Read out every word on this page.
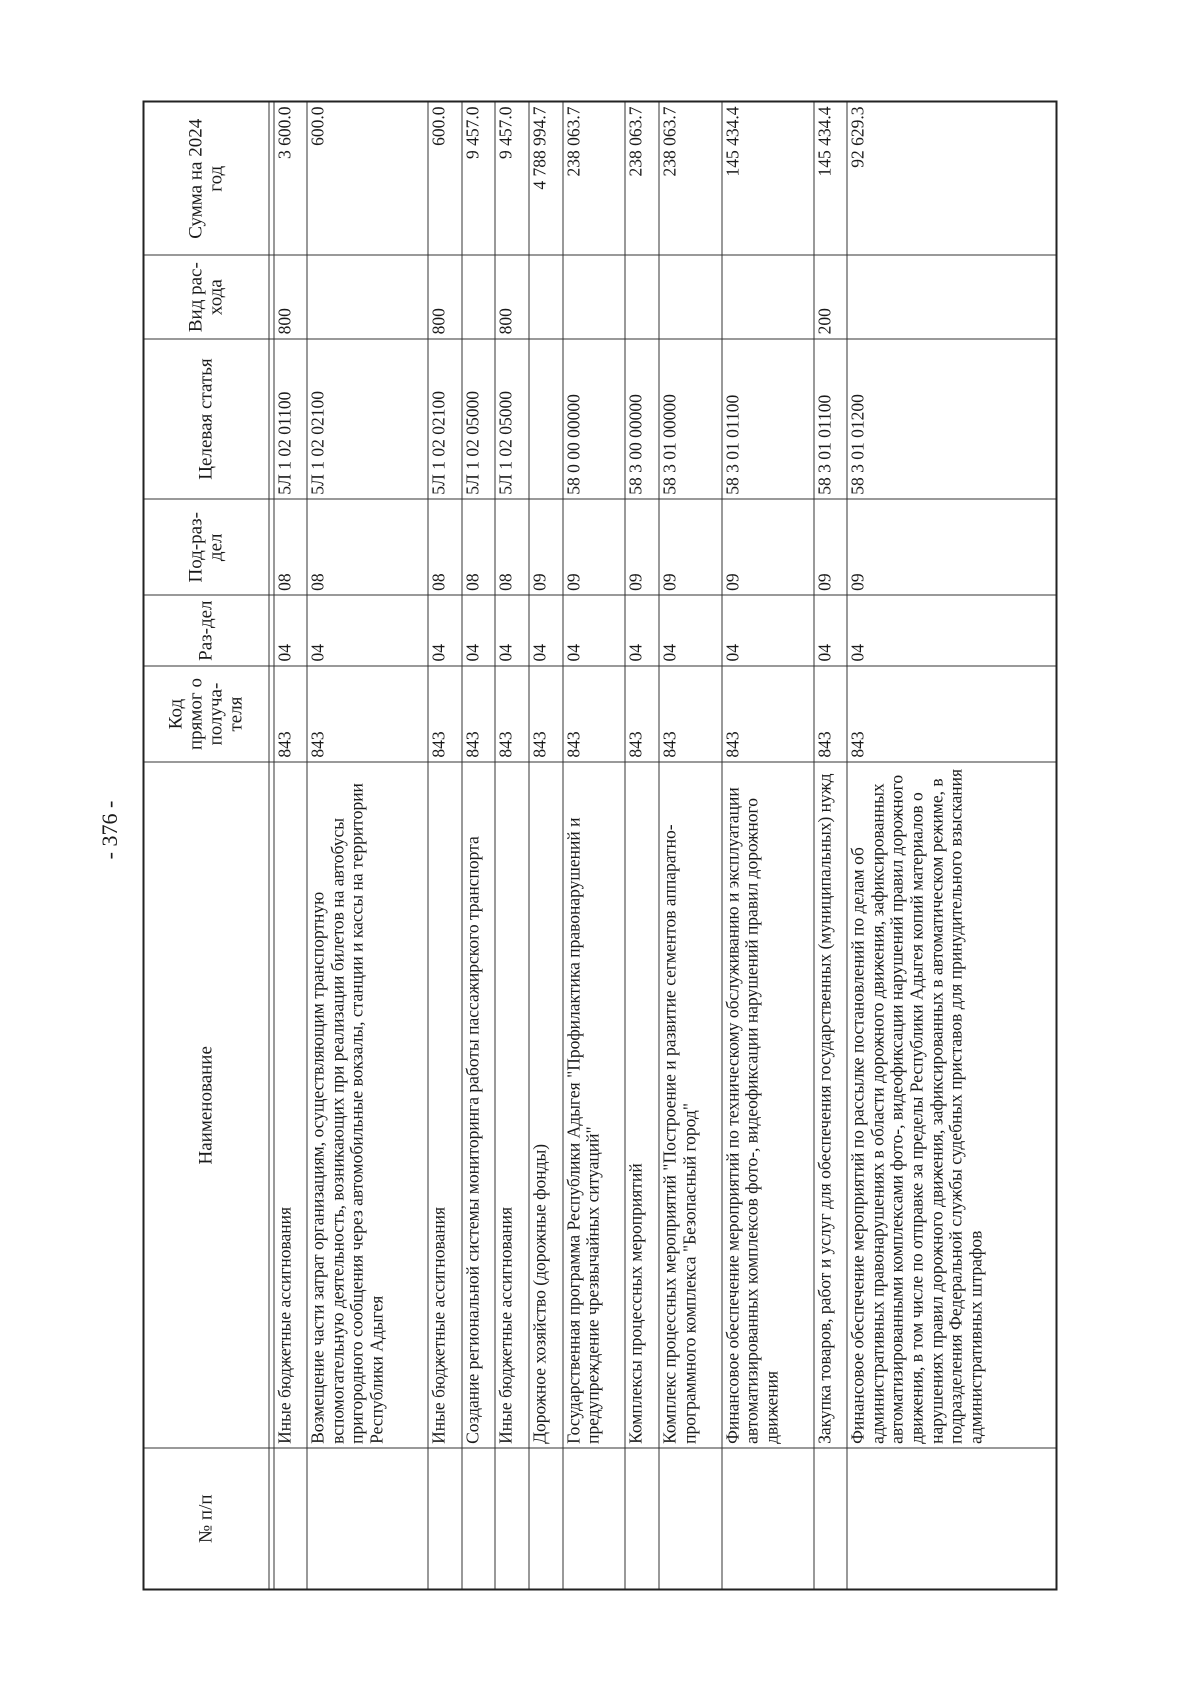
- 376 -
№ п/п	Наименование	Код прямог о получа-теля	Раз-дел	Под-раз-дел	Целевая статья	Вид рас-хода	Сумма на 2024 год

	Иные бюджетные ассигнования	843	04	08	5Л 1 02 01100	800	3 600.0
	Возмещение части затрат организациям, осуществляющим транспортную вспомогательную деятельность, возникающих при реализации билетов на автобусы пригородного сообщения через автомобильные вокзалы, станции и кассы на территории Республики Адыгея	843	04	08	5Л 1 02 02100		600.0
	Иные бюджетные ассигнования	843	04	08	5Л 1 02 02100	800	600.0
	Создание региональной системы мониторинга работы пассажирского транспорта	843	04	08	5Л 1 02 05000		9 457.0
	Иные бюджетные ассигнования	843	04	08	5Л 1 02 05000	800	9 457.0
	Дорожное хозяйство (дорожные фонды)	843	04	09			4 788 994.7
	Государственная программа Республики Адыгея "Профилактика правонарушений и предупреждение чрезвычайных ситуаций"	843	04	09	58 0 00 00000		238 063.7
	Комплексы процессных мероприятий	843	04	09	58 3 00 00000		238 063.7
	Комплекс процессных мероприятий "Построение и развитие сегментов аппаратно-программного комплекса "Безопасный город"	843	04	09	58 3 01 00000		238 063.7
	Финансовое обеспечение мероприятий по техническому обслуживанию и эксплуатации автоматизированных комплексов фото-, видеофиксации нарушений правил дорожного движения	843	04	09	58 3 01 01100		145 434.4
	Закупка товаров, работ и услуг для обеспечения государственных (муниципальных) нужд	843	04	09	58 3 01 01100	200	145 434.4
	Финансовое обеспечение мероприятий по рассылке постановлений по делам об административных правонарушениях в области дорожного движения, зафиксированных автоматизированными комплексами фото-, видеофиксации нарушений правил дорожного движения, в том числе по отправке за пределы Республики Адыгея копий материалов о нарушениях правил дорожного движения, зафиксированных в автоматическом режиме, в подразделения Федеральной службы судебных приставов для принудительного взыскания административных штрафов	843	04	09	58 3 01 01200		92 629.3
